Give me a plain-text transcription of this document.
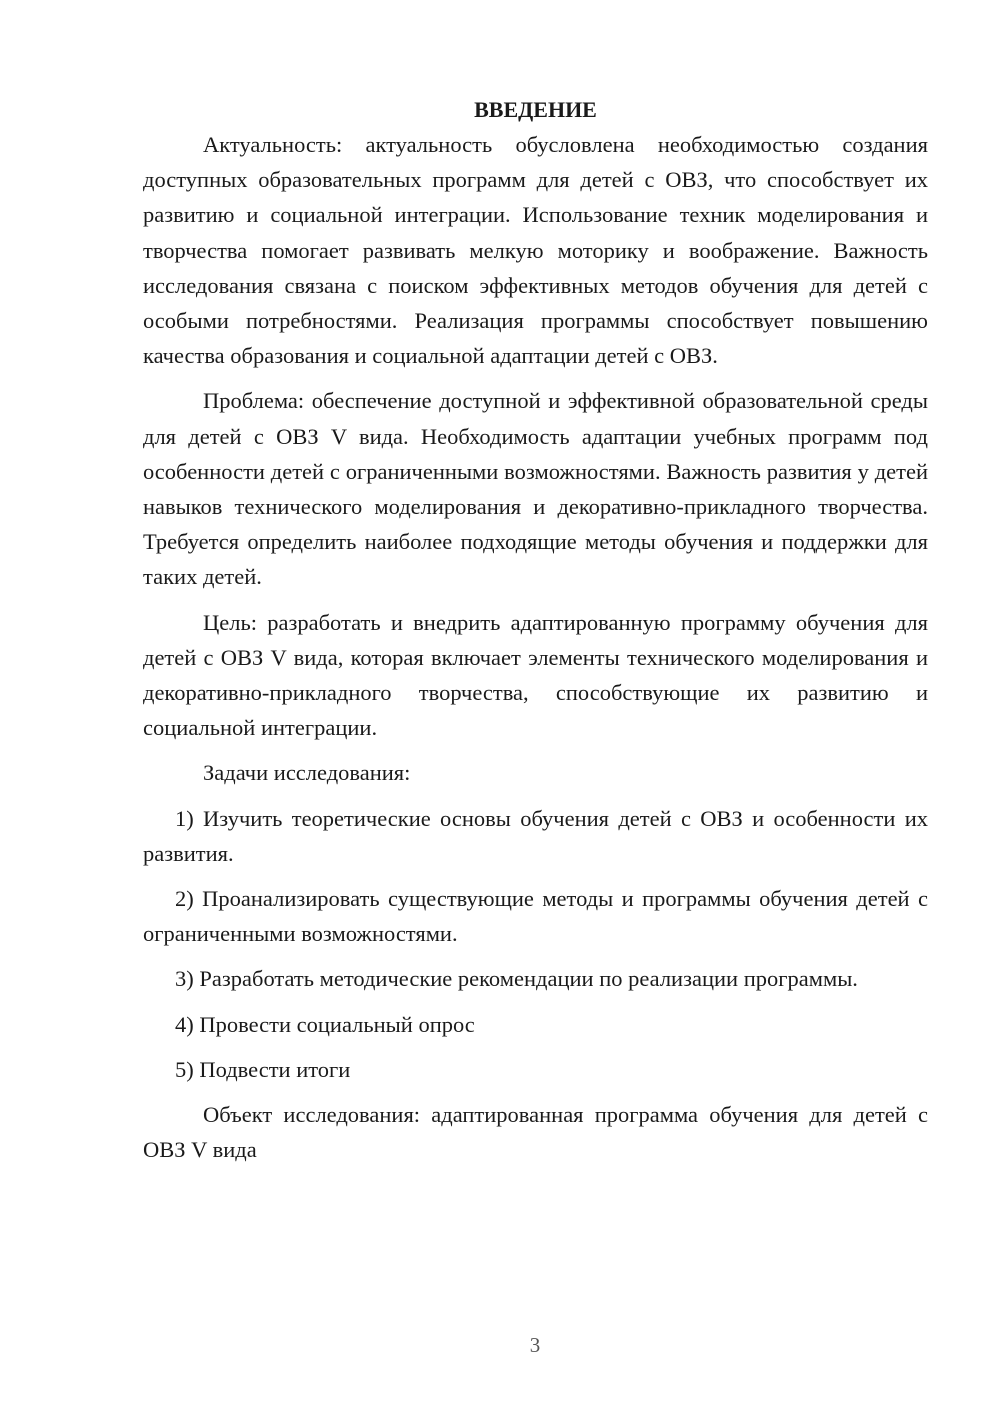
ВВЕДЕНИЕ

Актуальность: актуальность обусловлена необходимостью создания доступных образовательных программ для детей с ОВЗ, что способствует их развитию и социальной интеграции. Использование техник моделирования и творчества помогает развивать мелкую моторику и воображение. Важность исследования связана с поиском эффективных методов обучения для детей с особыми потребностями. Реализация программы способствует повышению качества образования и социальной адаптации детей с ОВЗ.

Проблема: обеспечение доступной и эффективной образовательной среды для детей с ОВЗ V вида. Необходимость адаптации учебных программ под особенности детей с ограниченными возможностями. Важность развития у детей навыков технического моделирования и декоративно-прикладного творчества. Требуется определить наиболее подходящие методы обучения и поддержки для таких детей.

Цель: разработать и внедрить адаптированную программу обучения для детей с ОВЗ V вида, которая включает элементы технического моделирования и декоративно-прикладного творчества, способствующие их развитию и социальной интеграции.

Задачи исследования:

1) Изучить теоретические основы обучения детей с ОВЗ и особенности их развития.

2) Проанализировать существующие методы и программы обучения детей с ограниченными возможностями.

3) Разработать методические рекомендации по реализации программы.

4) Провести социальный опрос

5) Подвести итоги

Объект исследования: адаптированная программа обучения для детей с ОВЗ V вида

3
